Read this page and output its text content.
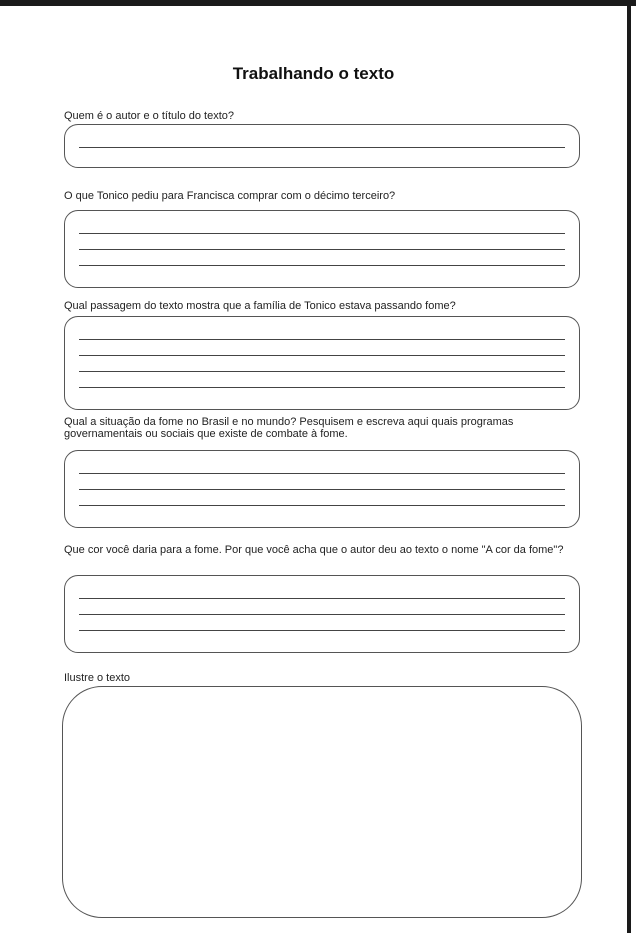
Trabalhando o texto
Quem é o autor e o título do texto?
O que Tonico pediu para Francisca comprar com o décimo terceiro?
Qual passagem do texto mostra que a família de Tonico estava passando fome?
Qual a situação da fome no Brasil e no mundo? Pesquisem e escreva aqui quais programas governamentais ou sociais que existe de combate à fome.
Que cor você daria para a fome. Por que você acha que o autor deu ao texto o nome "A cor da fome"?
Ilustre o texto
